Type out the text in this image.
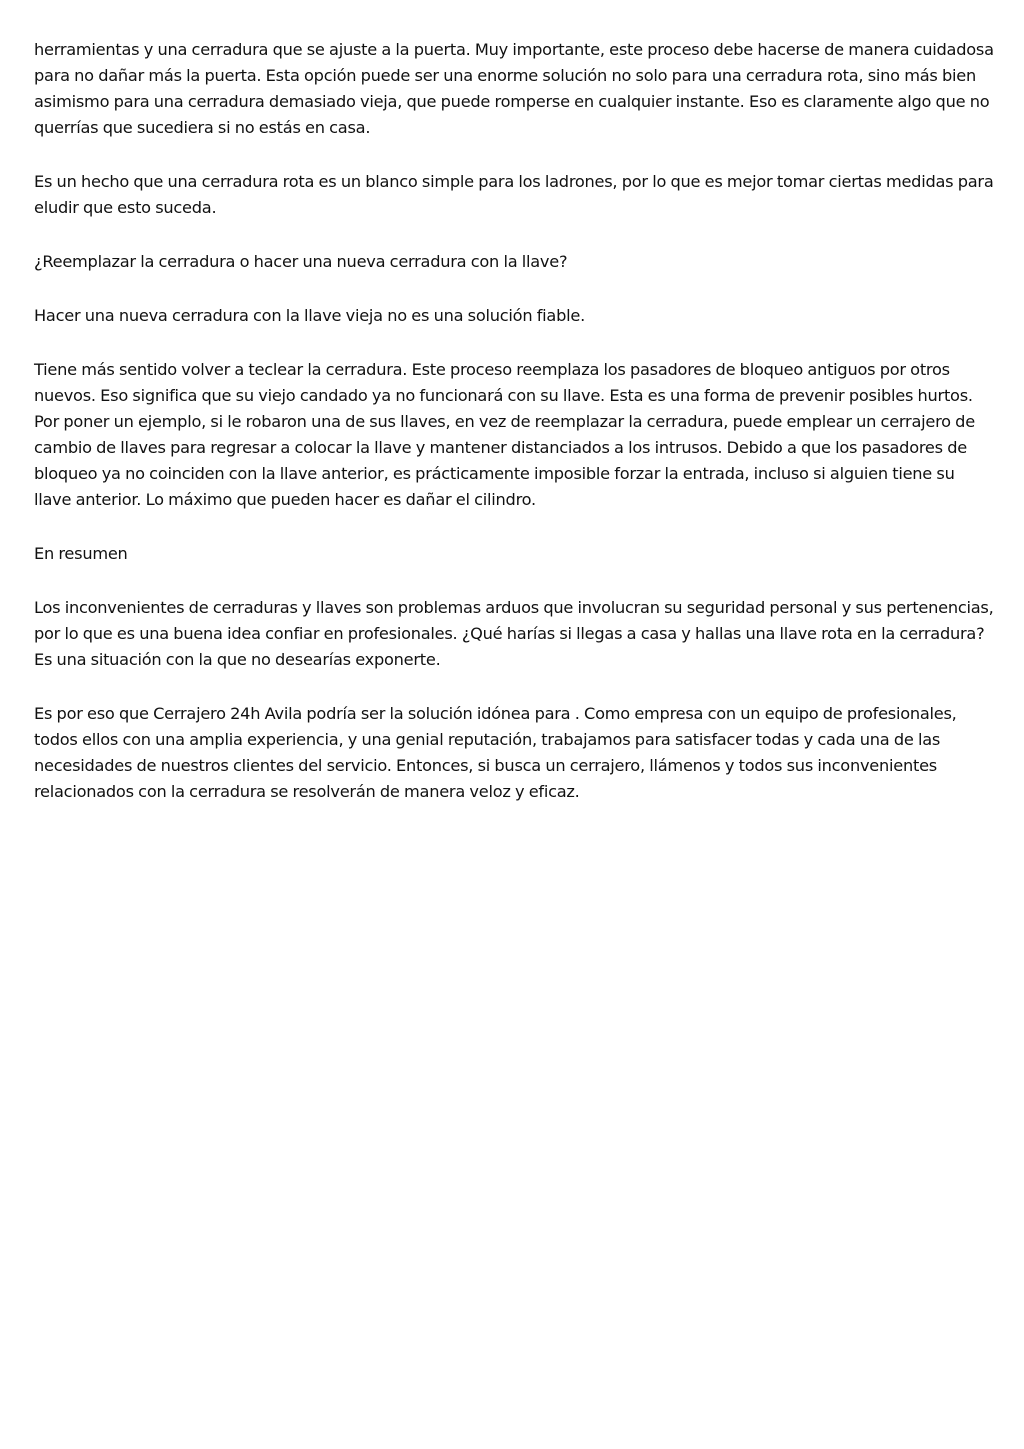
herramientas y una cerradura que se ajuste a la puerta. Muy importante, este proceso debe hacerse de manera cuidadosa para no dañar más la puerta. Esta opción puede ser una enorme solución no solo para una cerradura rota, sino más bien asimismo para una cerradura demasiado vieja, que puede romperse en cualquier instante. Eso es claramente algo que no querrías que sucediera si no estás en casa.

Es un hecho que una cerradura rota es un blanco simple para los ladrones, por lo que es mejor tomar ciertas medidas para eludir que esto suceda.

¿Reemplazar la cerradura o hacer una nueva cerradura con la llave?

Hacer una nueva cerradura con la llave vieja no es una solución fiable.

Tiene más sentido volver a teclear la cerradura. Este proceso reemplaza los pasadores de bloqueo antiguos por otros nuevos. Eso significa que su viejo candado ya no funcionará con su llave. Esta es una forma de prevenir posibles hurtos. Por poner un ejemplo, si le robaron una de sus llaves, en vez de reemplazar la cerradura, puede emplear un cerrajero de cambio de llaves para regresar a colocar la llave y mantener distanciados a los intrusos. Debido a que los pasadores de bloqueo ya no coinciden con la llave anterior, es prácticamente imposible forzar la entrada, incluso si alguien tiene su llave anterior. Lo máximo que pueden hacer es dañar el cilindro.

En resumen

Los inconvenientes de cerraduras y llaves son problemas arduos que involucran su seguridad personal y sus pertenencias, por lo que es una buena idea confiar en profesionales. ¿Qué harías si llegas a casa y hallas una llave rota en la cerradura? Es una situación con la que no desearías exponerte.

Es por eso que Cerrajero 24h Avila podría ser la solución idónea para . Como empresa con un equipo de profesionales, todos ellos con una amplia experiencia, y una genial reputación, trabajamos para satisfacer todas y cada una de las necesidades de nuestros clientes del servicio. Entonces, si busca un cerrajero, llámenos y todos sus inconvenientes relacionados con la cerradura se resolverán de manera veloz y eficaz.
